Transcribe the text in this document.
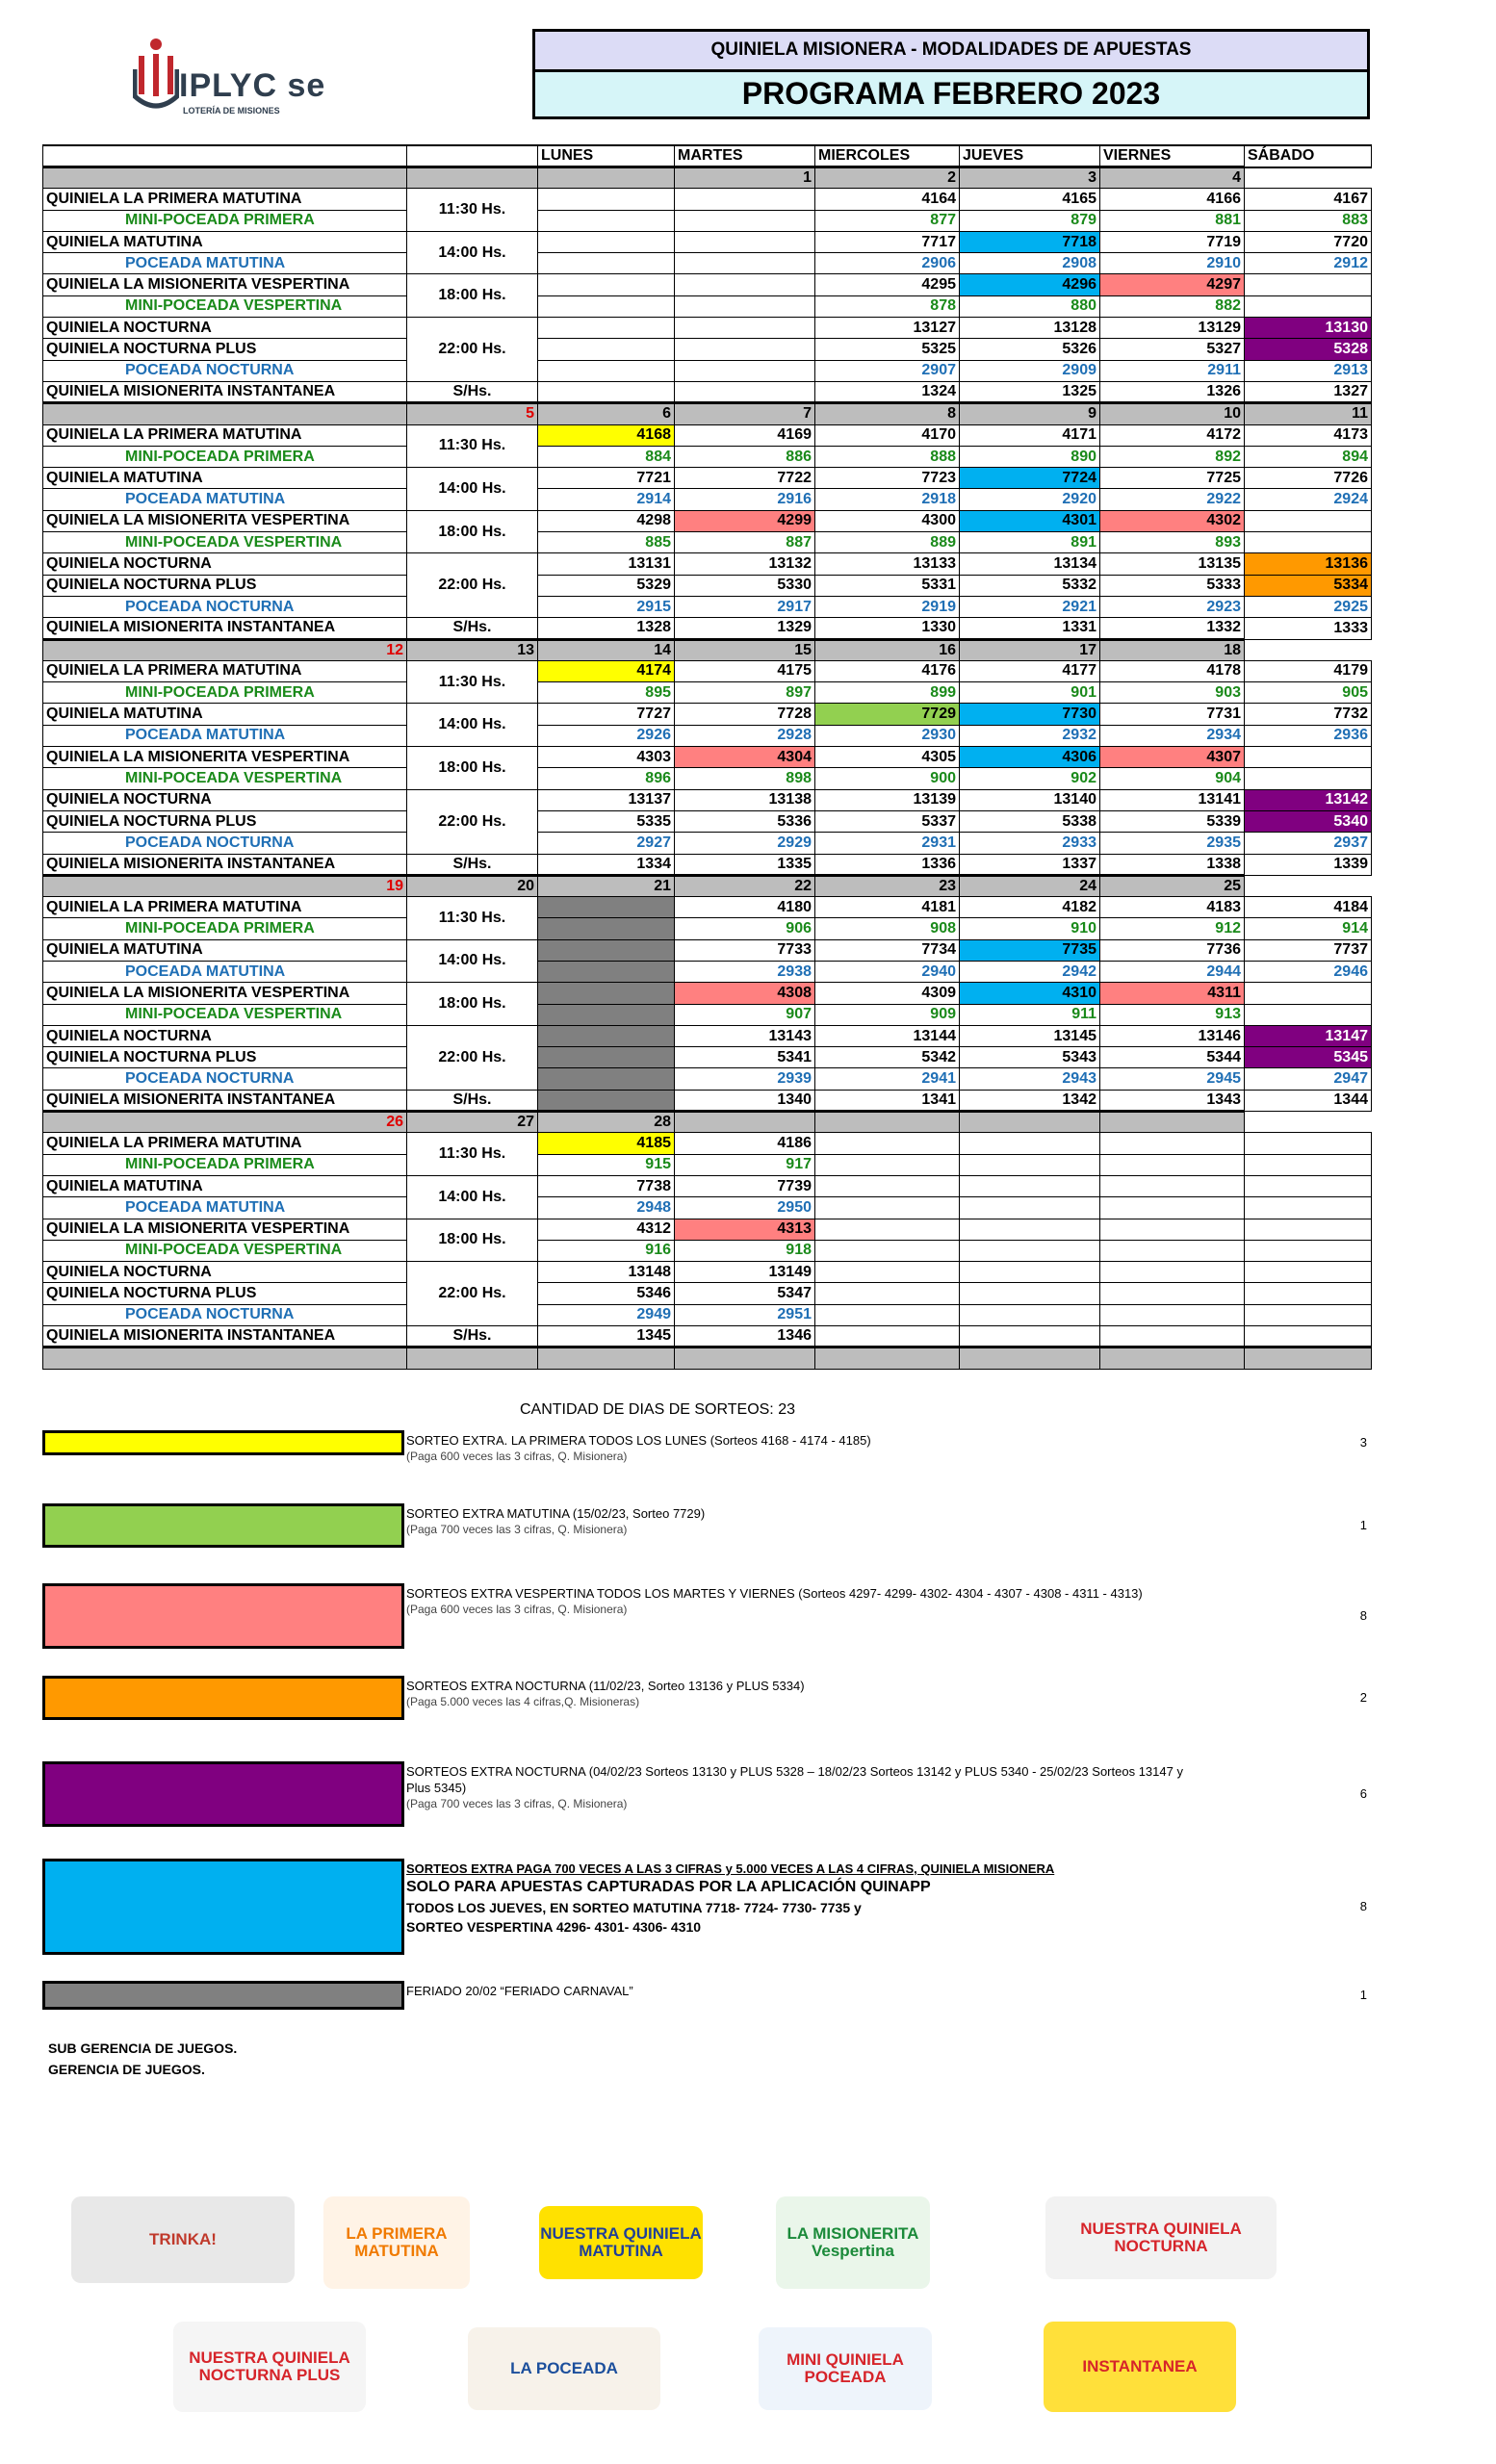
IPLYC se
LOTERÍA DE MISIONES
QUINIELA MISIONERA - MODALIDADES DE APUESTAS
PROGRAMA FEBRERO 2023
		LUNES	MARTES	MIERCOLES	JUEVES	VIERNES	SÁBADO
			1	2	3	4	
QUINIELA LA PRIMERA MATUTINA	11:30 Hs.			4164	4165	4166	4167
MINI-POCEADA PRIMERA				877	879	881	883
QUINIELA MATUTINA	14:00 Hs.			7717	7718	7719	7720
POCEADA MATUTINA				2906	2908	2910	2912
QUINIELA LA MISIONERITA VESPERTINA	18:00 Hs.			4295	4296	4297	
MINI-POCEADA VESPERTINA				878	880	882	
QUINIELA NOCTURNA	22:00 Hs.			13127	13128	13129	13130
QUINIELA NOCTURNA PLUS				5325	5326	5327	5328
POCEADA NOCTURNA				2907	2909	2911	2913
QUINIELA MISIONERITA INSTANTANEA	S/Hs.			1324	1325	1326	1327
	5	6	7	8	9	10	11
QUINIELA LA PRIMERA MATUTINA	11:30 Hs.	4168	4169	4170	4171	4172	4173
MINI-POCEADA PRIMERA		884	886	888	890	892	894
QUINIELA MATUTINA	14:00 Hs.	7721	7722	7723	7724	7725	7726
POCEADA MATUTINA		2914	2916	2918	2920	2922	2924
QUINIELA LA MISIONERITA VESPERTINA	18:00 Hs.	4298	4299	4300	4301	4302	
MINI-POCEADA VESPERTINA		885	887	889	891	893	
QUINIELA NOCTURNA	22:00 Hs.	13131	13132	13133	13134	13135	13136
QUINIELA NOCTURNA PLUS		5329	5330	5331	5332	5333	5334
POCEADA NOCTURNA		2915	2917	2919	2921	2923	2925
QUINIELA MISIONERITA INSTANTANEA	S/Hs.	1328	1329	1330	1331	1332	1333
12	13	14	15	16	17	18	
QUINIELA LA PRIMERA MATUTINA	11:30 Hs.	4174	4175	4176	4177	4178	4179
MINI-POCEADA PRIMERA		895	897	899	901	903	905
QUINIELA MATUTINA	14:00 Hs.	7727	7728	7729	7730	7731	7732
POCEADA MATUTINA		2926	2928	2930	2932	2934	2936
QUINIELA LA MISIONERITA VESPERTINA	18:00 Hs.	4303	4304	4305	4306	4307	
MINI-POCEADA VESPERTINA		896	898	900	902	904	
QUINIELA NOCTURNA	22:00 Hs.	13137	13138	13139	13140	13141	13142
QUINIELA NOCTURNA PLUS		5335	5336	5337	5338	5339	5340
POCEADA NOCTURNA		2927	2929	2931	2933	2935	2937
QUINIELA MISIONERITA INSTANTANEA	S/Hs.	1334	1335	1336	1337	1338	1339
19	20	21	22	23	24	25	
QUINIELA LA PRIMERA MATUTINA	11:30 Hs.		4180	4181	4182	4183	4184
MINI-POCEADA PRIMERA			906	908	910	912	914
QUINIELA MATUTINA	14:00 Hs.		7733	7734	7735	7736	7737
POCEADA MATUTINA			2938	2940	2942	2944	2946
QUINIELA LA MISIONERITA VESPERTINA	18:00 Hs.		4308	4309	4310	4311	
MINI-POCEADA VESPERTINA			907	909	911	913	
QUINIELA NOCTURNA	22:00 Hs.		13143	13144	13145	13146	13147
QUINIELA NOCTURNA PLUS			5341	5342	5343	5344	5345
POCEADA NOCTURNA			2939	2941	2943	2945	2947
QUINIELA MISIONERITA INSTANTANEA	S/Hs.		1340	1341	1342	1343	1344
26	27	28					
QUINIELA LA PRIMERA MATUTINA	11:30 Hs.	4185	4186				
MINI-POCEADA PRIMERA		915	917				
QUINIELA MATUTINA	14:00 Hs.	7738	7739				
POCEADA MATUTINA		2948	2950				
QUINIELA LA MISIONERITA VESPERTINA	18:00 Hs.	4312	4313				
MINI-POCEADA VESPERTINA		916	918				
QUINIELA NOCTURNA	22:00 Hs.	13148	13149				
QUINIELA NOCTURNA PLUS		5346	5347				
POCEADA NOCTURNA		2949	2951				
QUINIELA MISIONERITA INSTANTANEA	S/Hs.	1345	1346				

CANTIDAD DE DIAS DE SORTEOS: 23
SORTEO EXTRA. LA PRIMERA TODOS LOS LUNES (Sorteos 4168 - 4174 - 4185)
(Paga 600 veces las 3 cifras, Q. Misionera)
3
SORTEO EXTRA MATUTINA (15/02/23, Sorteo 7729)
(Paga 700 veces las 3 cifras, Q. Misionera)	1
SORTEOS EXTRA VESPERTINA TODOS LOS MARTES Y VIERNES (Sorteos 4297- 4299- 4302- 4304 - 4307 - 4308 - 4311 - 4313)
(Paga 600 veces las 3 cifras, Q. Misionera)	8
SORTEOS EXTRA NOCTURNA (11/02/23, Sorteo 13136 y PLUS 5334)
(Paga 5.000 veces las 4 cifras,Q. Misioneras)	2
SORTEOS EXTRA NOCTURNA (04/02/23 Sorteos 13130 y PLUS 5328 – 18/02/23 Sorteos 13142 y PLUS 5340 - 25/02/23 Sorteos 13147 y Plus 5345)
(Paga 700 veces las 3 cifras, Q. Misionera)
6
SORTEOS EXTRA PAGA 700 VECES A LAS 3 CIFRAS y 5.000 VECES A LAS 4 CIFRAS, QUINIELA MISIONERA
SOLO PARA APUESTAS CAPTURADAS POR LA APLICACIÓN QUINAPP
TODOS LOS JUEVES, EN SORTEO MATUTINA 7718- 7724- 7730- 7735 y
SORTEO VESPERTINA 4296- 4301- 4306- 4310
8
FERIADO 20/02 “FERIADO CARNAVAL”	1
SUB GERENCIA DE JUEGOS.
GERENCIA DE JUEGOS.
TRINKA!	LA PRIMERA MATUTINA
NUESTRA QUINIELA MATUTINA
LA MISIONERITA Vespertina
NUESTRA QUINIELA NOCTURNA
NUESTRA QUINIELA NOCTURNA PLUS	LA POCEADA	MINI QUINIELA POCEADA
INSTANTANEA
